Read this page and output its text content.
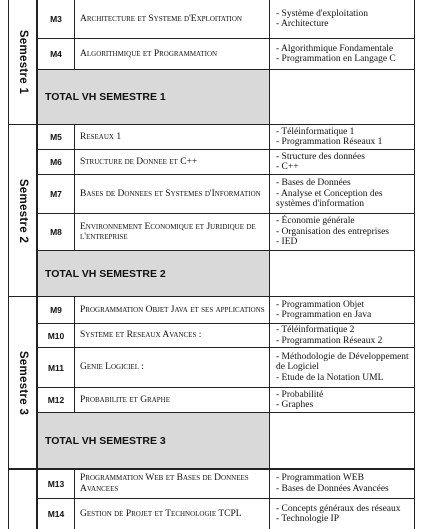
Semestre 1
M3	Architecture et Systeme d'Exploitation
- Système d'exploitation
- Architecture
M4	Algorithmique et Programmation
- Algorithmique Fondamentale
- Programmation en Langage C
TOTAL VH SEMESTRE 1
Semestre 2
M5	Reseaux 1
- Téléinformatique 1
- Programmation Réseaux 1
M6	Structure de Donnee et C++
- Structure des données
- C++
M7	Bases de Donnees et Systemes d'Information
- Bases de Données
- Analyse et Conception des systèmes d'information
M8
Environnement Economique et Juridique de l'entreprise
- Économie générale
- Organisation des entreprises
- IED
TOTAL VH SEMESTRE 2
Semestre 3
M9	Programmation Objet Java et ses applications
- Programmation Objet
- Programmation en Java
M10	Systeme et Reseaux Avances :
- Téléinformatique 2
- Programmation Réseaux 2
M11	Genie Logiciel :
- Méthodologie de Développement de Logiciel
- Etude de la Notation UML
M12	Probabilite et Graphe
- Probabilité
- Graphes
TOTAL VH SEMESTRE 3
M13
Programmation Web et Bases de Donnees Avancees
- Programmation WEB
- Bases de Données Avancées
M14	Gestion de Projet et Technologie TCPL
- Concepts généraux des réseaux
- Technologie IP
